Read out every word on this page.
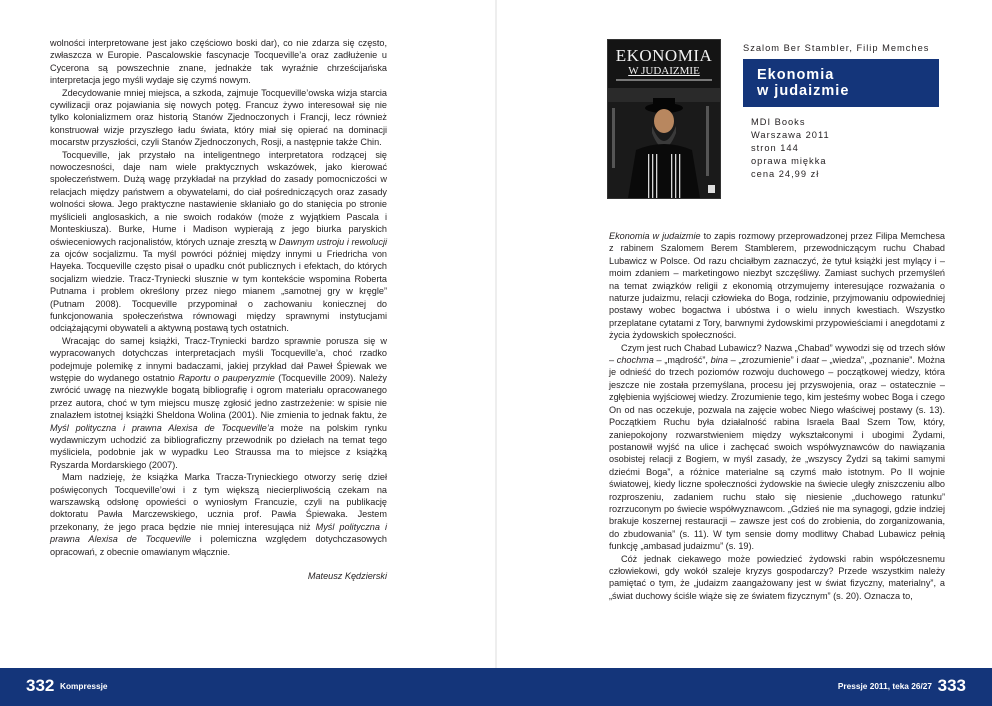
wolności interpretowane jest jako częściowo boski dar), co nie zdarza się często, zwłaszcza w Europie. Pascalowskie fascynacje Tocqueville’a oraz zadłużenie u Cycerona są powszechnie znane, jednakże tak wyraźnie chrześcijańska interpretacja jego myśli wydaje się czymś nowym.

Zdecydowanie mniej miejsca, a szkoda, zajmuje Tocqueville’owska wizja starcia cywilizacji oraz pojawiania się nowych potęg. Francuz żywo interesował się nie tylko kolonializmem oraz historią Stanów Zjednoczonych i Francji, lecz również konstruował wizje przyszłego ładu świata, który miał się opierać na dominacji mocarstw przyszłości, czyli Stanów Zjednoczonych, Rosji, a następnie także Chin.

Tocqueville, jak przystało na inteligentnego interpretatora rodzącej się nowoczesności, daje nam wiele praktycznych wskazówek, jako kierować społeczeństwem. Dużą wagę przykładał na przykład do zasady pomocniczości w relacjach między państwem a obywatelami, do ciał pośredniczących oraz zasady wolności słowa. Jego praktyczne nastawienie skłaniało go do stanięcia po stronie myślicieli anglosaskich, a nie swoich rodaków (może z wyjątkiem Pascala i Monteskiusza). Burke, Hume i Madison wypierają z jego biurka paryskich oświeceniowych racjonalistów, których uznaje zresztą w Dawnym ustroju i rewolucji za ojców socjalizmu. Ta myśl powróci później między innymi u Friedricha von Hayeka. Tocqueville często pisał o upadku cnót publicznych i efektach, do których socjalizm wiedzie. Tracz-Tryniecki słusznie w tym kontekście wspomina Roberta Putnama i problem określony przez niego mianem „samotnej gry w kręgle” (Putnam 2008). Tocqueville przypominał o zachowaniu koniecznej do funkcjonowania społeczeństwa równowagi między sprawnymi instytucjami odciążającymi obywateli a aktywną postawą tych ostatnich.

Wracając do samej książki, Tracz-Tryniecki bardzo sprawnie porusza się w wypracowanych dotychczas interpretacjach myśli Tocqueville’a, choć rzadko podejmuje polemikę z innymi badaczami, jakiej przykład dał Paweł Śpiewak we wstępie do wydanego ostatnio Raportu o pauperyzmie (Tocqueville 2009). Należy zwrócić uwagę na niezwykle bogatą bibliografię i ogrom materiału opracowanego przez autora, choć w tym miejscu muszę zgłosić jedno zastrzeżenie: w spisie nie znalazłem istotnej książki Sheldona Wolina (2001). Nie zmienia to jednak faktu, że Myśl polityczna i prawna Alexisa de Tocqueville’a może na polskim rynku wydawniczym uchodzić za bibliograficzny przewodnik po dziełach na temat tego myśliciela, podobnie jak w wypadku Leo Straussa ma to miejsce z książką Ryszarda Mordarskiego (2007).

Mam nadzieję, że książka Marka Tracza-Trynieckiego otworzy serię dzieł poświęconych Tocqueville’owi i z tym większą niecierpliwością czekam na warszawską odsłonę opowieści o wyniosłym Francuzie, czyli na publikację doktoratu Pawła Marczewskiego, ucznia prof. Pawła Śpiewaka. Jestem przekonany, że jego praca będzie nie mniej interesująca niż Myśl polityczna i prawna Alexisa de Tocqueville i polemiczna względem dotychczasowych opracowań, z obecnie omawianym włącznie.

Mateusz Kędzierski
EKONOMIA
W JUDAIZMIE
Szalom Ber Stambler, Filip Memches
Ekonomia
w judaizmie
MDI Books
Warszawa 2011
stron 144
oprawa miękka
cena 24,99 zł

Ekonomia w judaizmie to zapis rozmowy przeprowadzonej przez Filipa Memchesa z rabinem Szalomem Berem Stamblerem, przewodniczącym ruchu Chabad Lubawicz w Polsce. Od razu chciałbym zaznaczyć, że tytuł książki jest mylący i – moim zdaniem – marketingowo niezbyt szczęśliwy. Zamiast suchych przemyśleń na temat związków religii z ekonomią otrzymujemy interesujące rozważania o naturze judaizmu, relacji człowieka do Boga, rodzinie, przyjmowaniu odpowiedniej postawy wobec bogactwa i ubóstwa i o wielu innych kwestiach. Wszystko przeplatane cytatami z Tory, barwnymi żydowskimi przypowieściami i anegdotami z życia żydowskich społeczności.

Czym jest ruch Chabad Lubawicz? Nazwa „Chabad” wywodzi się od trzech słów – chochma – „mądrość”, bina – „zrozumienie” i daat – „wiedza”, „poznanie”. Można je odnieść do trzech poziomów rozwoju duchowego – początkowej wiedzy, która jeszcze nie została przemyślana, procesu jej przyswojenia, oraz – ostatecznie – zgłębienia wyjściowej wiedzy. Zrozumienie tego, kim jesteśmy wobec Boga i czego On od nas oczekuje, pozwala na zajęcie wobec Niego właściwej postawy (s. 13). Początkiem Ruchu była działalność rabina Israela Baal Szem Tow, który, zaniepokojony rozwarstwieniem między wykształconymi i ubogimi Żydami, postanowił wyjść na ulice i zachęcać swoich współwyznawców do nawiązania osobistej relacji z Bogiem, w myśl zasady, że „wszyscy Żydzi są takimi samymi dziećmi Boga”, a różnice materialne są czymś mało istotnym. Po II wojnie światowej, kiedy liczne społeczności żydowskie na świecie uległy zniszczeniu albo rozproszeniu, zadaniem ruchu stało się niesienie „duchowego ratunku” rozrzuconym po świecie współwyznawcom. „Gdzieś nie ma synagogi, gdzie indziej brakuje koszernej restauracji – zawsze jest coś do zrobienia, do zorganizowania, do zbudowania” (s. 11). W tym sensie domy modlitwy Chabad Lubawicz pełnią funkcję „ambasad judaizmu” (s. 19).

Cóż jednak ciekawego może powiedzieć żydowski rabin współczesnemu człowiekowi, gdy wokół szaleje kryzys gospodarczy? Przede wszystkim należy pamiętać o tym, że „judaizm zaangażowany jest w świat fizyczny, materialny”, a „świat duchowy ściśle wiąże się ze światem fizycznym” (s. 20). Oznacza to,

332 Kompressje	Pressje 2011, teka 26/27 333
